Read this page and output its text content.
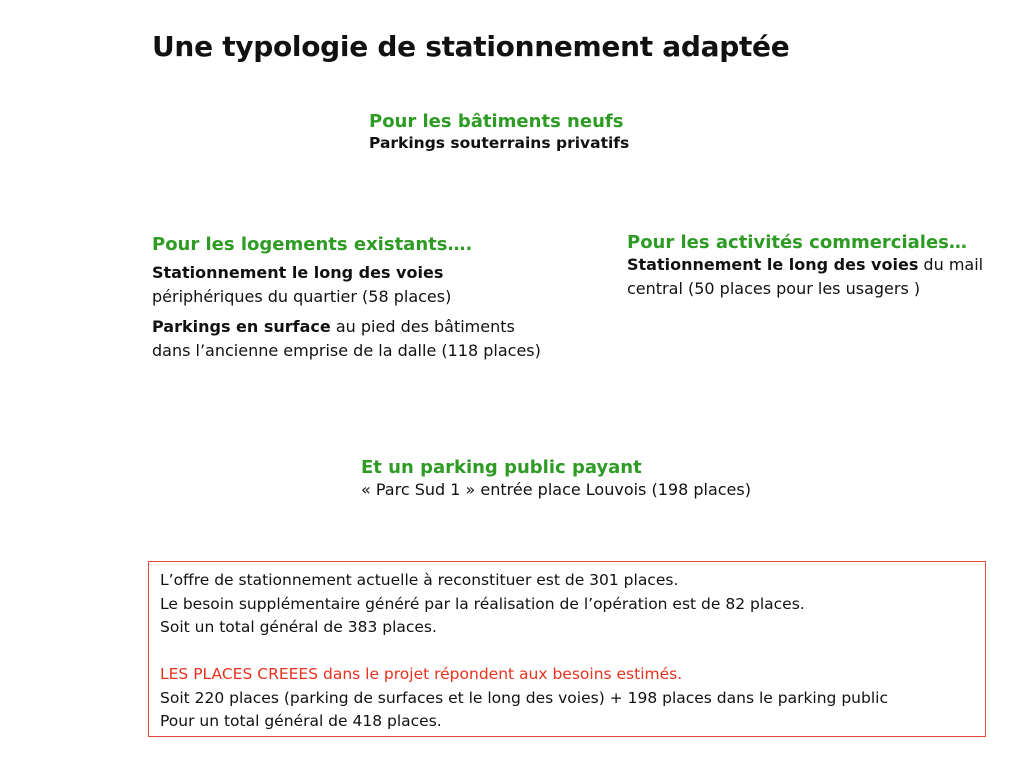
Une typologie de stationnement adaptée
Pour les bâtiments neufs
Parkings souterrains privatifs
Pour les logements existants….
Stationnement le long des voies
périphériques du quartier (58 places)
Parkings en surface au pied des bâtiments
dans l’ancienne emprise de la dalle (118 places)
Pour les activités commerciales…
Stationnement le long des voies du mail
central (50 places pour les usagers )
Et un parking public payant
« Parc Sud 1 » entrée place Louvois (198 places)
L’offre de stationnement actuelle à reconstituer est de 301 places.
Le besoin supplémentaire généré par la réalisation de l’opération est de 82 places.
Soit un total général de 383 places.
LES PLACES CREEES dans le projet répondent aux besoins estimés.
Soit 220 places (parking de surfaces et le long des voies) + 198 places dans le parking public
Pour un total général de 418 places.
